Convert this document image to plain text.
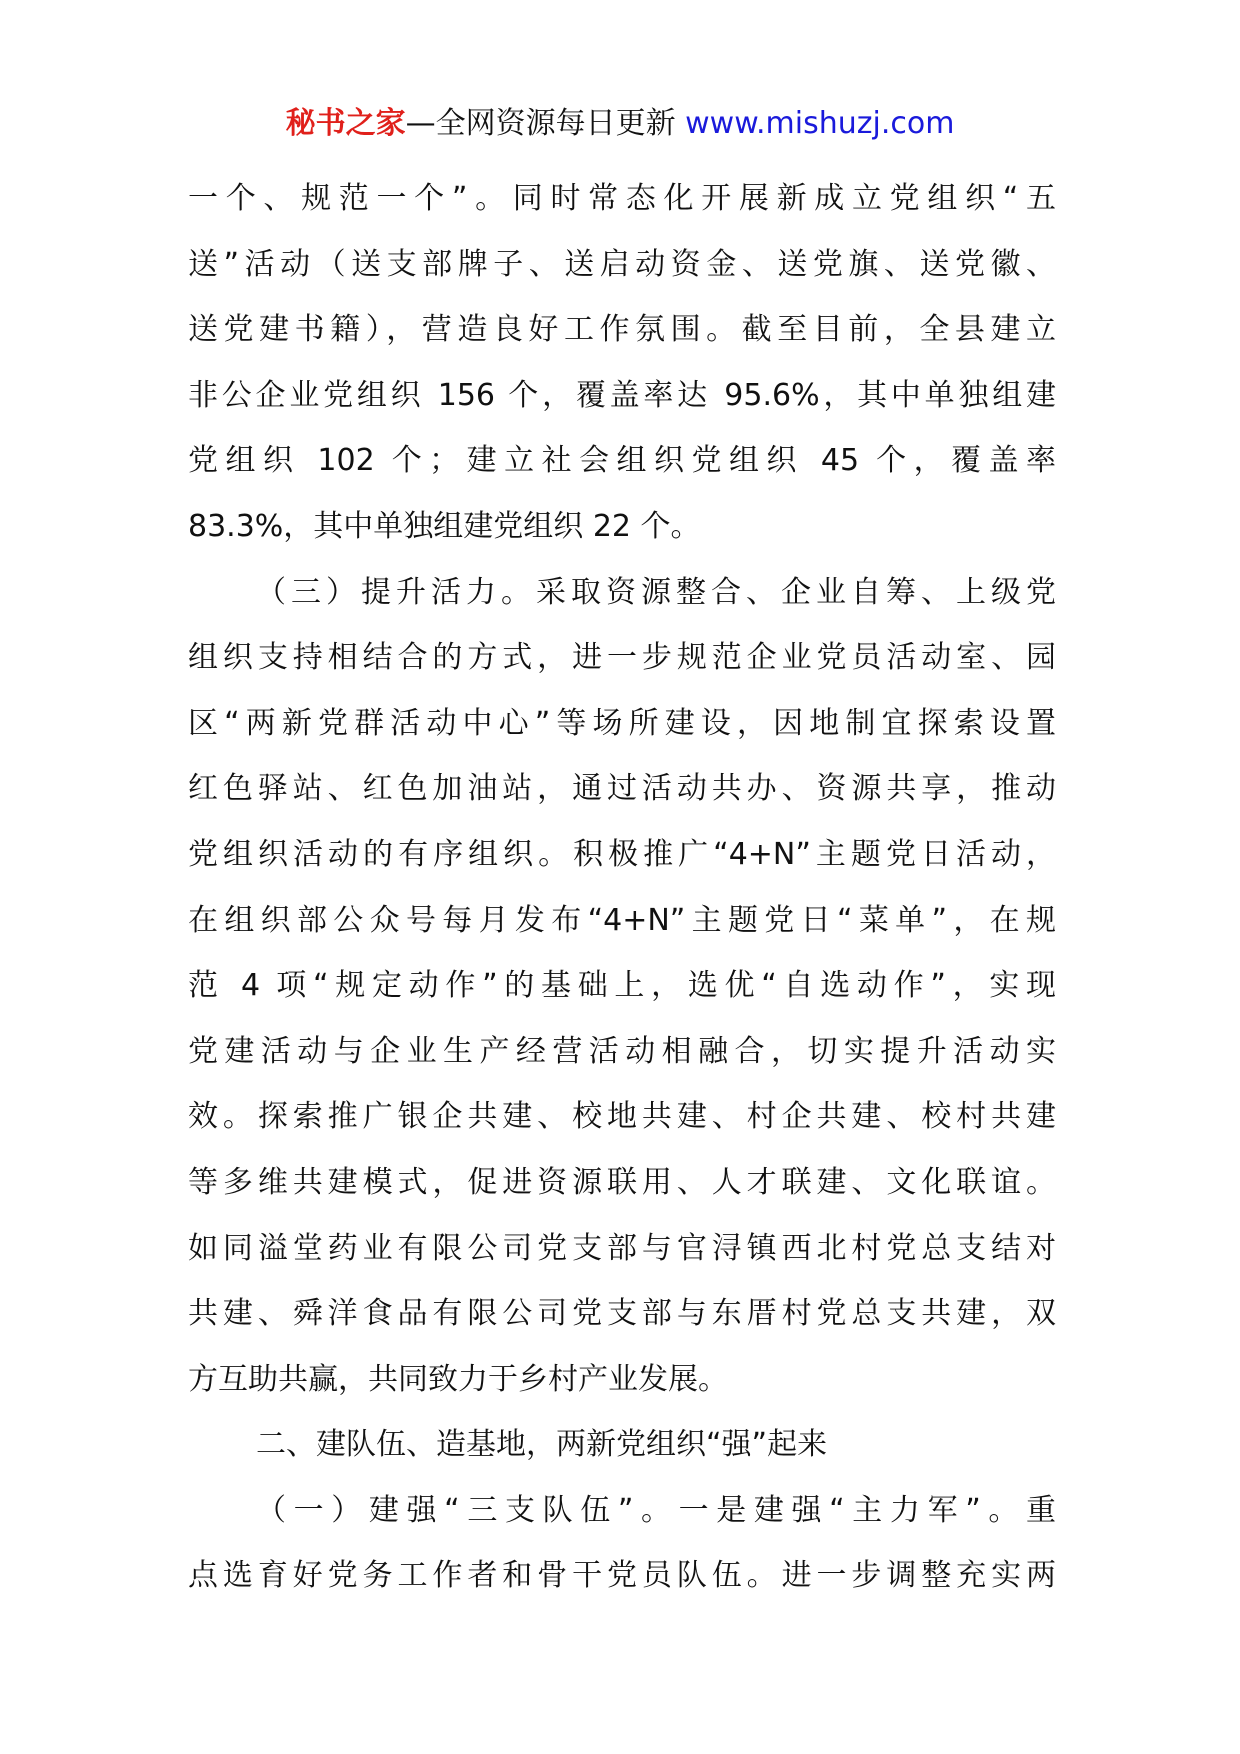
秘书之家—全网资源每日更新 www.mishuzj.com
一个、规范一个”。同时常态化开展新成立党组织“五
送”活动（送支部牌子、送启动资金、送党旗、送党徽、
送党建书籍），营造良好工作氛围。截至目前，全县建立
非公企业党组织 156 个，覆盖率达 95.6%，其中单独组建
党组织 102 个；建立社会组织党组织 45 个，覆盖率
83.3%，其中单独组建党组织 22 个。
（三）提升活力。采取资源整合、企业自筹、上级党
组织支持相结合的方式，进一步规范企业党员活动室、园
区“两新党群活动中心”等场所建设，因地制宜探索设置
红色驿站、红色加油站，通过活动共办、资源共享，推动
党组织活动的有序组织。积极推广“4+N”主题党日活动，
在组织部公众号每月发布“4+N”主题党日“菜单”，在规
范 4 项“规定动作”的基础上，选优“自选动作”，实现
党建活动与企业生产经营活动相融合，切实提升活动实
效。探索推广银企共建、校地共建、村企共建、校村共建
等多维共建模式，促进资源联用、人才联建、文化联谊。
如同溢堂药业有限公司党支部与官浔镇西北村党总支结对
共建、舜洋食品有限公司党支部与东厝村党总支共建，双
方互助共赢，共同致力于乡村产业发展。
二、建队伍、造基地，两新党组织“强”起来
（一）建强“三支队伍”。一是建强“主力军”。重
点选育好党务工作者和骨干党员队伍。进一步调整充实两
